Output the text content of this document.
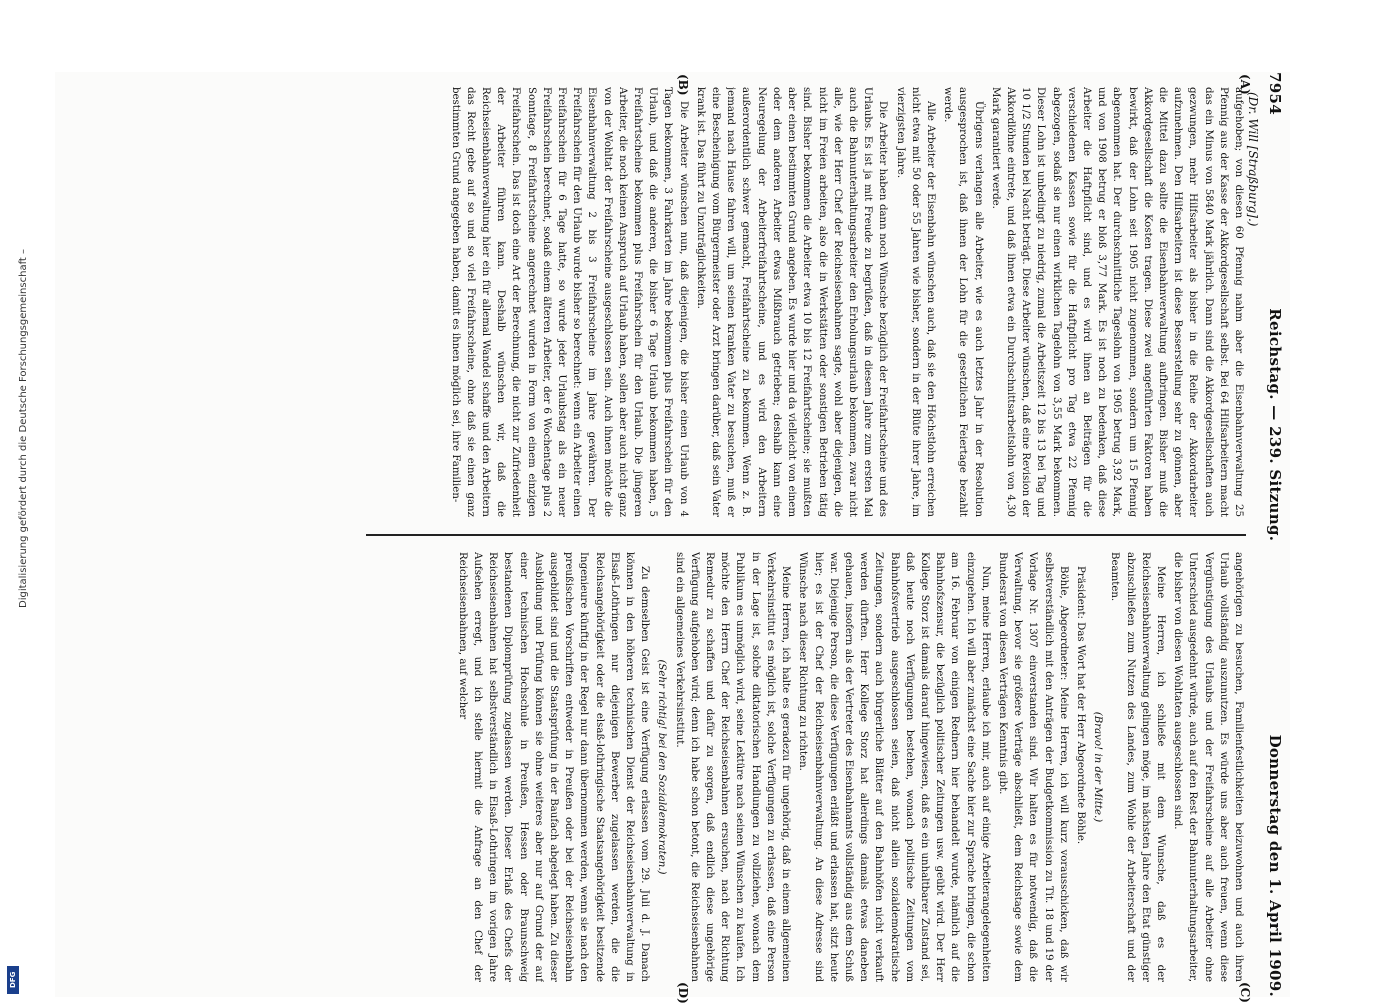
Digitalisierung gefördert durch die Deutsche Forschungsgemeinschaft –
DFG
7954
Reichstag. — 239. Sitzung.
Donnerstag den 1. April 1909.
(Dr. Will [Straßburg].)
(A)
(B)
(C)
(D)

aufgehoben; von diesen 60 Pfennig nahm aber die Eisenbahnverwaltung 25 Pfennig aus der Kasse der Akkordgesellschaft selbst. Bei 64 Hilfsarbeitern macht das ein Minus von 5840 Mark jährlich. Dann sind die Akkordgesellschaften auch gezwungen, mehr Hilfsarbeiter als bisher in die Reihe der Akkordarbeiter aufzunehmen. Den Hilfsarbeitern ist diese Besserstellung sehr zu gönnen, aber die Mittel dazu sollte die Eisenbahnverwaltung aufbringen. Bisher muß die Akkordgesellschaft die Kosten tragen. Diese zwei angeführten Faktoren haben bewirkt, daß der Lohn seit 1905 nicht zugenommen, sondern um 15 Pfennig abgenommen hat. Der durchschnittliche Tageslohn von 1905 betrug 3,92 Mark, und von 1908 betrug er bloß 3,77 Mark. Es ist noch zu bedenken, daß diese Arbeiter die Haftpflicht sind, und es wird ihnen an Beiträgen für die verschiedenen Kassen sowie für die Haftpflicht pro Tag etwa 22 Pfennig abgezogen, sodaß sie nur einen wirklichen Tagelohn von 3,55 Mark bekommen. Dieser Lohn ist unbedingt zu niedrig, zumal die Arbeitszeit 12 bis 13 bei Tag und 10 1/2 Stunden bei Nacht beträgt. Diese Arbeiter wünschen, daß eine Revision der Akkordlöhne eintrete, und daß ihnen etwa ein Durchschnittsarbeitslohn von 4,30 Mark garantiert werde.

Übrigens verlangen alle Arbeiter, wie es auch letztes Jahr in der Resolution ausgesprochen ist, daß ihnen der Lohn für die gesetzlichen Feiertage bezahlt werde.

Alle Arbeiter der Eisenbahn wünschen auch, daß sie den Höchstlohn erreichen nicht etwa mit 50 oder 55 Jahren wie bisher, sondern in der Blüte ihrer Jahre, im vierzigsten Jahre.

Die Arbeiter haben dann noch Wünsche bezüglich der Freifahrtscheine und des Urlaubs. Es ist ja mit Freude zu begrüßen, daß in diesem Jahre zum ersten Mal auch die Bahnunterhaltungsarbeiter den Erholungsurlaub bekommen, zwar nicht alle, wie der Herr Chef der Reichseisenbahnen sagte, wohl aber diejenigen, die nicht im Freien arbeiten, also die in Werkstätten oder sonstigen Betrieben tätig sind. Bisher bekommen die Arbeiter etwa 10 bis 12 Freifahrtscheine; sie mußten aber einen bestimmten Grund angeben. Es wurde hier und da vielleicht von einem oder dem anderen Arbeiter etwas Mißbrauch getrieben; deshalb kann eine Neuregelung der Arbeiterfreifahrtscheine, und es wird den Arbeitern außerordentlich schwer gemacht, Freifahrtscheine zu bekommen. Wenn z. B. jemand nach Hause fahren will, um seinen kranken Vater zu besuchen, muß er eine Bescheinigung vom Bürgermeister oder Arzt bringen darüber, daß sein Vater krank ist. Das führt zu Unzuträglichkeiten.

Die Arbeiter wünschen nun, daß diejenigen, die bisher einen Urlaub von 4 Tagen bekommen, 3 Fahrkarten im Jahre bekommen plus Freifahrschein für den Urlaub, und daß die anderen, die bisher 6 Tage Urlaub bekommen haben, 5 Freifahrtscheine bekommen plus Freifahrschein für den Urlaub. Die jüngeren Arbeiter, die noch keinen Anspruch auf Urlaub haben, sollen aber auch nicht ganz von der Wohltat der Freifahrscheine ausgeschlossen sein. Auch ihnen möchte die Eisenbahnverwaltung 2 bis 3 Freifahrscheine im Jahre gewähren. Der Freifahrschein für den Urlaub wurde bisher so berechnet: wenn ein Arbeiter einen Freifahrschein für 6 Tage hatte, so wurde jeder Urlaubstag als ein neuer Freifahrschein berechnet, sodaß einem älteren Arbeiter, der 6 Wochentage plus 2 Sonntage, 8 Freifahrtscheine angerechnet wurden in Form von einem einzigen Freifahrschein. Das ist doch eine Art der Berechnung, die nicht zur Zufriedenheit der Arbeiter führen kann. Deshalb wünschen wir, daß die Reichseisenbahnverwaltung hier ein für allemal Wandel schaffe und den Arbeitern das Recht gebe auf so und so viel Freifahrscheine, ohne daß sie einen ganz bestimmten Grund angegeben haben, damit es ihnen möglich sei, ihre Familien-

angehörigen zu besuchen, Familienfestlichkeiten beizuwohnen und auch ihren Urlaub vollständig auszunutzen. Es würde uns aber auch freuen, wenn diese Vergünstigung des Urlaubs und der Freifahrscheine auf alle Arbeiter ohne Unterschied ausgedehnt würde, auch auf den Rest der Bahnunterhaltungsarbeiter, die bisher von diesen Wohltaten ausgeschlossen sind.

Meine Herren, ich schließe mit dem Wunsche, daß es der Reichseisenbahnverwaltung gelingen möge, im nächsten Jahre den Etat günstiger abzuschließen zum Nutzen des Landes, zum Wohle der Arbeiterschaft und der Beamten.

(Bravo! in der Mitte.)

Präsident: Das Wort hat der Herr Abgeordnete Böhle.

Böhle, Abgeordneter: Meine Herren, ich will kurz vorausschicken, daß wir selbstverständlich mit den Anträgen der Budgetkommission zu Tit. 18 und 19 der Vorlage Nr. 1307 einverstanden sind. Wir halten es für notwendig, daß die Verwaltung, bevor sie größere Verträge abschließt, dem Reichstage sowie dem Bundesrat von diesen Verträgen Kenntnis gibt.

Nun, meine Herren, erlaube ich mir, auch auf einige Arbeiterangelegenheiten einzugehen. Ich will aber zunächst eine Sache hier zur Sprache bringen, die schon am 16. Februar von einigen Rednern hier behandelt wurde, nämlich auf die Bahnhofszensur, die bezüglich politischer Zeitungen usw. geübt wird. Der Herr Kollege Storz ist damals darauf hingewiesen, daß es ein unhaltbarer Zustand sei, daß heute noch Verfügungen bestehen, wonach politische Zeitungen vom Bahnhofsvertrieb ausgeschlossen seien, daß nicht allein sozialdemokratische Zeitungen, sondern auch bürgerliche Blätter auf den Bahnhöfen nicht verkauft werden dürften. Herr Kollege Storz hat allerdings damals etwas daneben gehauen, insofern als der Vertreter des Eisenbahnamts vollständig aus dem Schuß war. Diejenige Person, die diese Verfügungen erläßt und erlassen hat, sitzt heute hier; es ist der Chef der Reichseisenbahnverwaltung. An diese Adresse sind Wünsche nach dieser Richtung zu richten.

Meine Herren, ich halte es geradezu für ungehörig, daß in einem allgemeinen Verkehrsinstitut es möglich ist, solche Verfügungen zu erlassen, daß eine Person in der Lage ist, solche diktatorischen Handlungen zu vollziehen, wonach dem Publikum es unmöglich wird, seine Lektüre nach seinen Wünschen zu kaufen. Ich möchte den Herrn Chef der Reichseisenbahnen ersuchen, nach der Richtung Remedur zu schaffen und dafür zu sorgen, daß endlich diese ungehörige Verfügung aufgehoben wird; denn ich habe schon betont, die Reichseisenbahnen sind ein allgemeines Verkehrsinstitut.

(Sehr richtig! bei den Sozialdemokraten.)

Zu demselben Geist ist eine Verfügung erlassen vom 29. Juli d. J. Danach können in den höheren technischen Dienst der Reichseisenbahnverwaltung in Elsaß-Lothringen nur diejenigen Bewerber zugelassen werden, die die Reichsangehörigkeit oder die elsaß-lothringische Staatsangehörigkeit besitzende Ingenieure künftig in der Regel nur dann übernommen werden, wenn sie nach den preußischen Vorschriften entweder in Preußen oder bei der Reichseisenbahn ausgebildet sind und die Staatsprüfung in der Baufach abgelegt haben. Zu dieser Ausbildung und Prüfung können sie ohne weiteres aber nur auf Grund der auf einer technischen Hochschule in Preußen, Hessen oder Braunschweig bestandenen Diplomprüfung zugelassen werden. Dieser Erlaß des Chefs der Reichseisenbahnen hat selbstverständlich in Elsaß-Lothringen im vorigen Jahre Aufsehen erregt, und ich stelle hiermit die Anfrage an den Chef der Reichseisenbahnen, auf welcher
